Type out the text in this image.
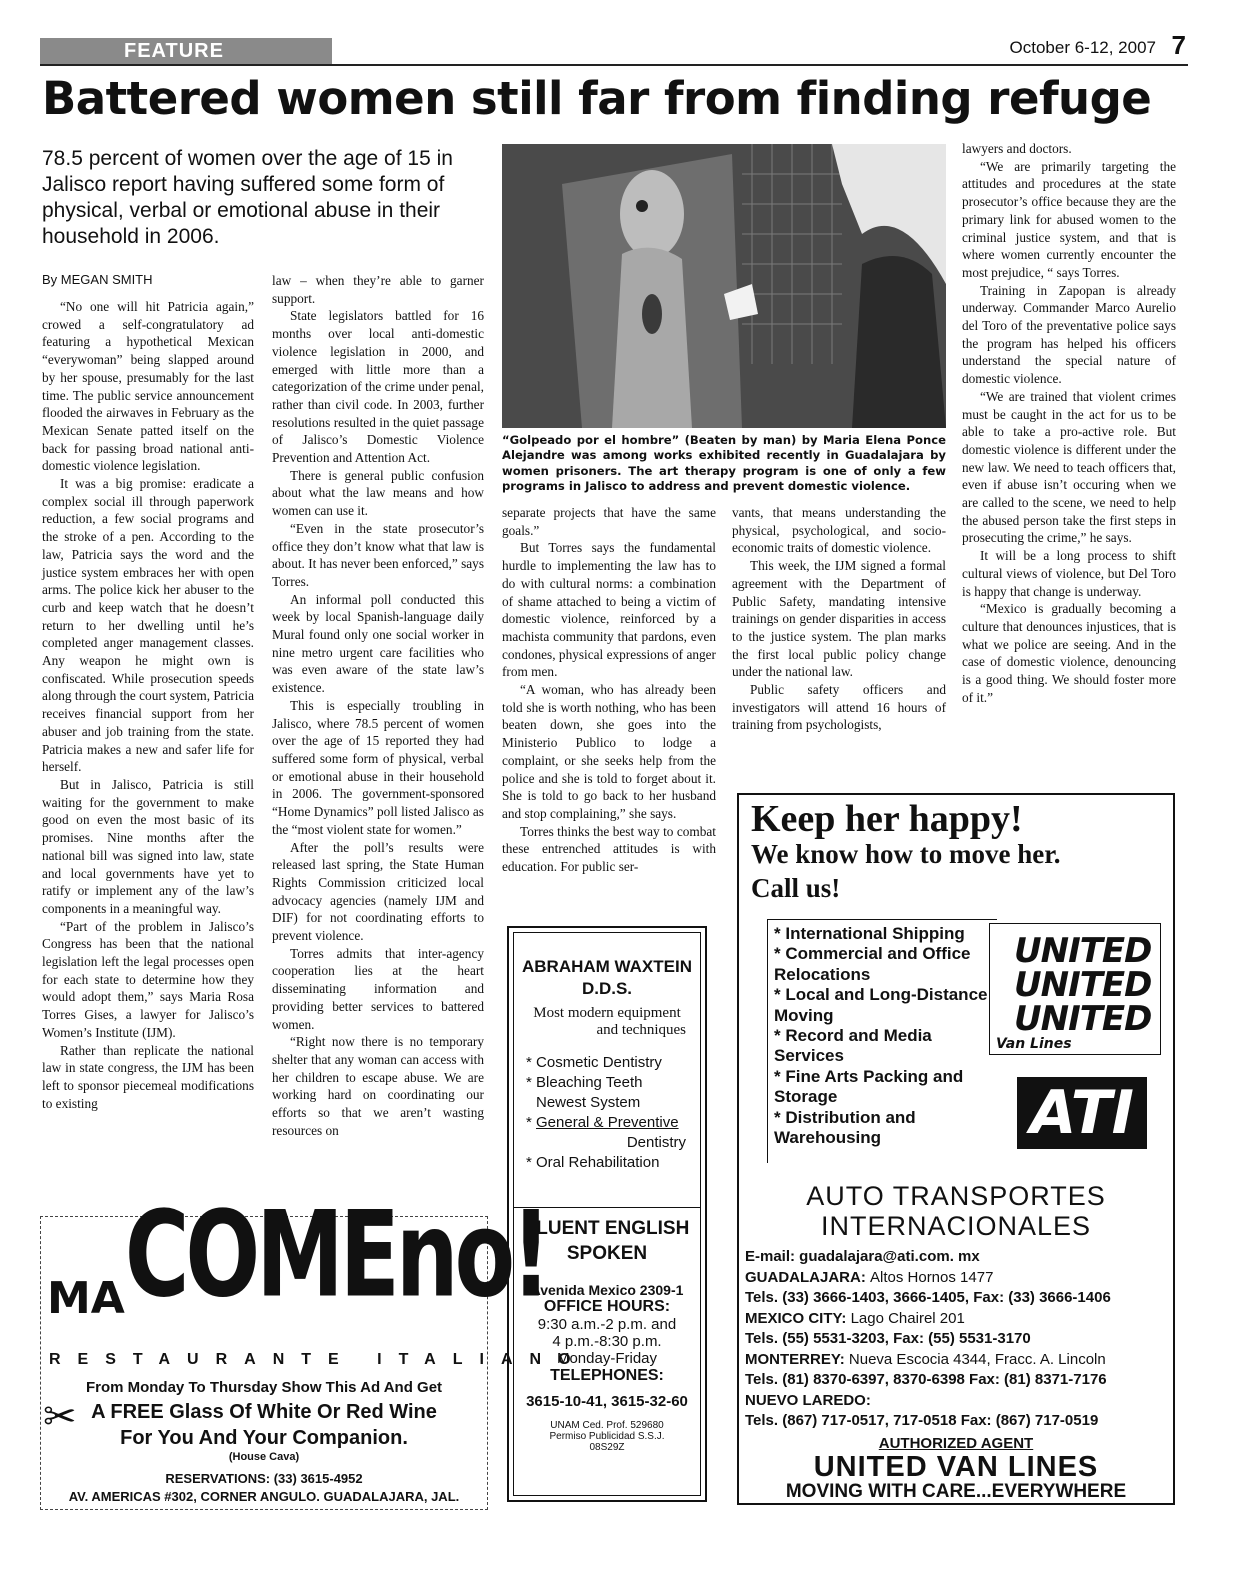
FEATURE	October 6-12, 2007 7
Battered women still far from finding refuge
78.5 percent of women over the age of 15 in Jalisco report having suffered some form of physical, verbal or emotional abuse in their household in 2006.
By MEGAN SMITH

“No one will hit Patricia again,” crowed a self-congratulatory ad featuring a hypothetical Mexican “everywoman” being slapped around by her spouse, presumably for the last time. The public service announcement flooded the airwaves in February as the Mexican Senate patted itself on the back for passing broad national anti-domestic violence legislation.

It was a big promise: eradicate a complex social ill through paperwork reduction, a few social programs and the stroke of a pen. According to the law, Patricia says the word and the justice system embraces her with open arms. The police kick her abuser to the curb and keep watch that he doesn’t return to her dwelling until he’s completed anger management classes. Any weapon he might own is confiscated. While prosecution speeds along through the court system, Patricia receives financial support from her abuser and job training from the state. Patricia makes a new and safer life for herself.

But in Jalisco, Patricia is still waiting for the government to make good on even the most basic of its promises. Nine months after the national bill was signed into law, state and local governments have yet to ratify or implement any of the law’s components in a meaningful way.

“Part of the problem in Jalisco’s Congress has been that the national legislation left the legal processes open for each state to determine how they would adopt them,” says Maria Rosa Torres Gises, a lawyer for Jalisco’s Women’s Institute (IJM).

Rather than replicate the national law in state congress, the IJM has been left to sponsor piecemeal modifications to existing

law – when they’re able to garner support.

State legislators battled for 16 months over local anti-domestic violence legislation in 2000, and emerged with little more than a categorization of the crime under penal, rather than civil code. In 2003, further resolutions resulted in the quiet passage of Jalisco’s Domestic Violence Prevention and Attention Act.

There is general public confusion about what the law means and how women can use it.

“Even in the state prosecutor’s office they don’t know what that law is about. It has never been enforced,” says Torres.

An informal poll conducted this week by local Spanish-language daily Mural found only one social worker in nine metro urgent care facilities who was even aware of the state law’s existence.

This is especially troubling in Jalisco, where 78.5 percent of women over the age of 15 reported they had suffered some form of physical, verbal or emotional abuse in their household in 2006. The government-sponsored “Home Dynamics” poll listed Jalisco as the “most violent state for women.”

After the poll’s results were released last spring, the State Human Rights Commission criticized local advocacy agencies (namely IJM and DIF) for not coordinating efforts to prevent violence.

Torres admits that inter-agency cooperation lies at the heart disseminating information and providing better services to battered women.

“Right now there is no temporary shelter that any woman can access with her children to escape abuse. We are working hard on coordinating our efforts so that we aren’t wasting resources on

“Golpeado por el hombre” (Beaten by man) by Maria Elena Ponce Alejandre was among works exhibited recently in Guadalajara by women prisoners. The art therapy program is one of only a few programs in Jalisco to address and prevent domestic violence.

separate projects that have the same goals.”

But Torres says the fundamental hurdle to implementing the law has to do with cultural norms: a combination of shame attached to being a victim of domestic violence, reinforced by a machista community that pardons, even condones, physical expressions of anger from men.

“A woman, who has already been told she is worth nothing, who has been beaten down, she goes into the Ministerio Publico to lodge a complaint, or she seeks help from the police and she is told to forget about it. She is told to go back to her husband and stop complaining,” she says.

Torres thinks the best way to combat these entrenched attitudes is with education. For public ser-

vants, that means understanding the physical, psychological, and socio-economic traits of domestic violence.

This week, the IJM signed a formal agreement with the Department of Public Safety, mandating intensive trainings on gender disparities in access to the justice system. The plan marks the first local public policy change under the national law.

Public safety officers and investigators will attend 16 hours of training from psychologists,

lawyers and doctors.

“We are primarily targeting the attitudes and procedures at the state prosecutor’s office because they are the primary link for abused women to the criminal justice system, and that is where women currently encounter the most prejudice, “ says Torres.

Training in Zapopan is already underway. Commander Marco Aurelio del Toro of the preventative police says the program has helped his officers understand the special nature of domestic violence.

“We are trained that violent crimes must be caught in the act for us to be able to take a pro-active role. But domestic violence is different under the new law. We need to teach officers that, even if abuse isn’t occuring when we are called to the scene, we need to help the abused person take the first steps in prosecuting the crime,” he says.

It will be a long process to shift cultural views of violence, but Del Toro is happy that change is underway.

“Mexico is gradually becoming a culture that denounces injustices, that is what we police are seeing. And in the case of domestic violence, denouncing is a good thing. We should foster more of it.”

ABRAHAM WAXTEIN
D.D.S.
Most modern equipment
and techniques
* Cosmetic Dentistry
* Bleaching Teeth
Newest System
* General & Preventive
Dentistry
* Oral Rehabilitation
FLUENT ENGLISH SPOKEN
Avenida Mexico 2309-1
OFFICE HOURS:
9:30 a.m.-2 p.m. and
4 p.m.-8:30 p.m.
Monday-Friday
TELEPHONES:
3615-10-41, 3615-32-60
UNAM Ced. Prof. 529680
Permiso Publicidad S.S.J.
08S29Z
Keep her happy!
We know how to move her.
Call us!
* International Shipping
* Commercial and Office Relocations
* Local and Long-Distance Moving
* Record and Media Services
* Fine Arts Packing and Storage
* Distribution and Warehousing
UNITED
UNITED
UNITED
Van Lines
ATI
AUTO TRANSPORTES
INTERNACIONALES
E-mail: guadalajara@ati.com. mx
GUADALAJARA: Altos Hornos 1477
Tels. (33) 3666-1403, 3666-1405, Fax: (33) 3666-1406
MEXICO CITY: Lago Chairel 201
Tels. (55) 5531-3203, Fax: (55) 5531-3170
MONTERREY: Nueva Escocia 4344, Fracc. A. Lincoln
Tels. (81) 8370-6397, 8370-6398 Fax: (81) 8371-7176
NUEVO LAREDO:
Tels. (867) 717-0517, 717-0518 Fax: (867) 717-0519
AUTHORIZED AGENT
UNITED VAN LINES
MOVING WITH CARE...EVERYWHERE
MACOMEno!
RESTAURANTE ITALIANO
From Monday To Thursday Show This Ad And Get
A FREE Glass Of White Or Red Wine
For You And Your Companion.
(House Cava)
RESERVATIONS: (33) 3615-4952
AV. AMERICAS #302, CORNER ANGULO. GUADALAJARA, JAL.
✂
